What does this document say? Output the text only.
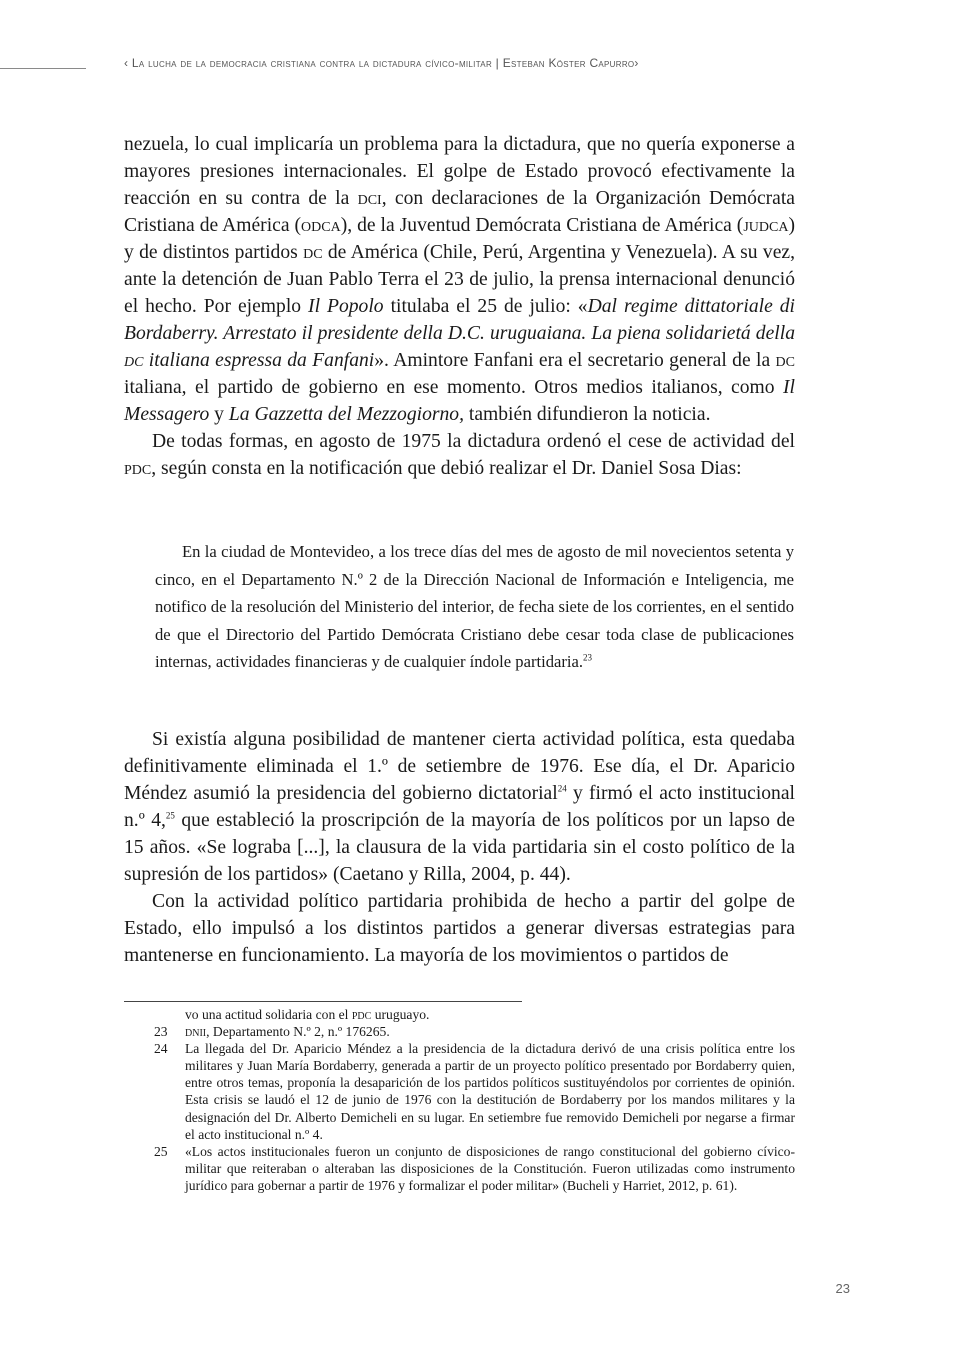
‹ La lucha de la democracia cristiana contra la dictadura cívico-militar | Esteban Köster Capurro›

nezuela, lo cual implicaría un problema para la dictadura, que no quería exponerse a mayores presiones internacionales. El golpe de Estado provocó efectivamente la reacción en su contra de la dci, con declaraciones de la Organización Demócrata Cristiana de América (odca), de la Juventud Demócrata Cristiana de América (judca) y de distintos partidos dc de América (Chile, Perú, Argentina y Venezuela). A su vez, ante la detención de Juan Pablo Terra el 23 de julio, la prensa internacional denunció el hecho. Por ejemplo Il Popolo titulaba el 25 de julio: «Dal regime dittatoriale di Bordaberry. Arrestato il presidente della D.C. uruguaiana. La piena solidarietá della dc italiana espressa da Fanfani». Amintore Fanfani era el secretario general de la dc italiana, el partido de gobierno en ese momento. Otros medios italianos, como Il Messagero y La Gazzetta del Mezzogiorno, también difundieron la noticia.

De todas formas, en agosto de 1975 la dictadura ordenó el cese de actividad del pdc, según consta en la notificación que debió realizar el Dr. Daniel Sosa Dias:

En la ciudad de Montevideo, a los trece días del mes de agosto de mil novecientos setenta y cinco, en el Departamento N.º 2 de la Dirección Nacional de Información e Inteligencia, me notifico de la resolución del Ministerio del interior, de fecha siete de los corrientes, en el sentido de que el Directorio del Partido Demócrata Cristiano debe cesar toda clase de publicaciones internas, actividades financieras y de cualquier índole partidaria.$^{23}$

Si existía alguna posibilidad de mantener cierta actividad política, esta quedaba definitivamente eliminada el 1.º de setiembre de 1976. Ese día, el Dr. Aparicio Méndez asumió la presidencia del gobierno dictatorial$^{24}$ y firmó el acto institucional n.º 4,25 que estableció la proscripción de la mayoría de los políticos por un lapso de 15 años. «Se lograba [...], la clausura de la vida partidaria sin el costo político de la supresión de los partidos» (Caetano y Rilla, 2004, p. 44).

Con la actividad político partidaria prohibida de hecho a partir del golpe de Estado, ello impulsó a los distintos partidos a generar diversas estrategias para mantenerse en funcionamiento. La mayoría de los movimientos o partidos de

vo una actitud solidaria con el pdc uruguayo.
23	dnii, Departamento N.º 2, n.º 176265.
24	La llegada del Dr. Aparicio Méndez a la presidencia de la dictadura derivó de una crisis política entre los militares y Juan María Bordaberry, generada a partir de un proyecto político presentado por Bordaberry quien, entre otros temas, proponía la desaparición de los partidos políticos sustituyéndolos por corrientes de opinión. Esta crisis se laudó el 12 de junio de 1976 con la destitución de Bordaberry por los mandos militares y la designación del Dr. Alberto Demicheli en su lugar. En setiembre fue removido Demicheli por negarse a firmar el acto institucional n.º 4.
25	«Los actos institucionales fueron un conjunto de disposiciones de rango constitucional del gobierno cívico-militar que reiteraban o alteraban las disposiciones de la Constitución. Fueron utilizadas como instrumento jurídico para gobernar a partir de 1976 y formalizar el poder militar» (Bucheli y Harriet, 2012, p. 61).
23
